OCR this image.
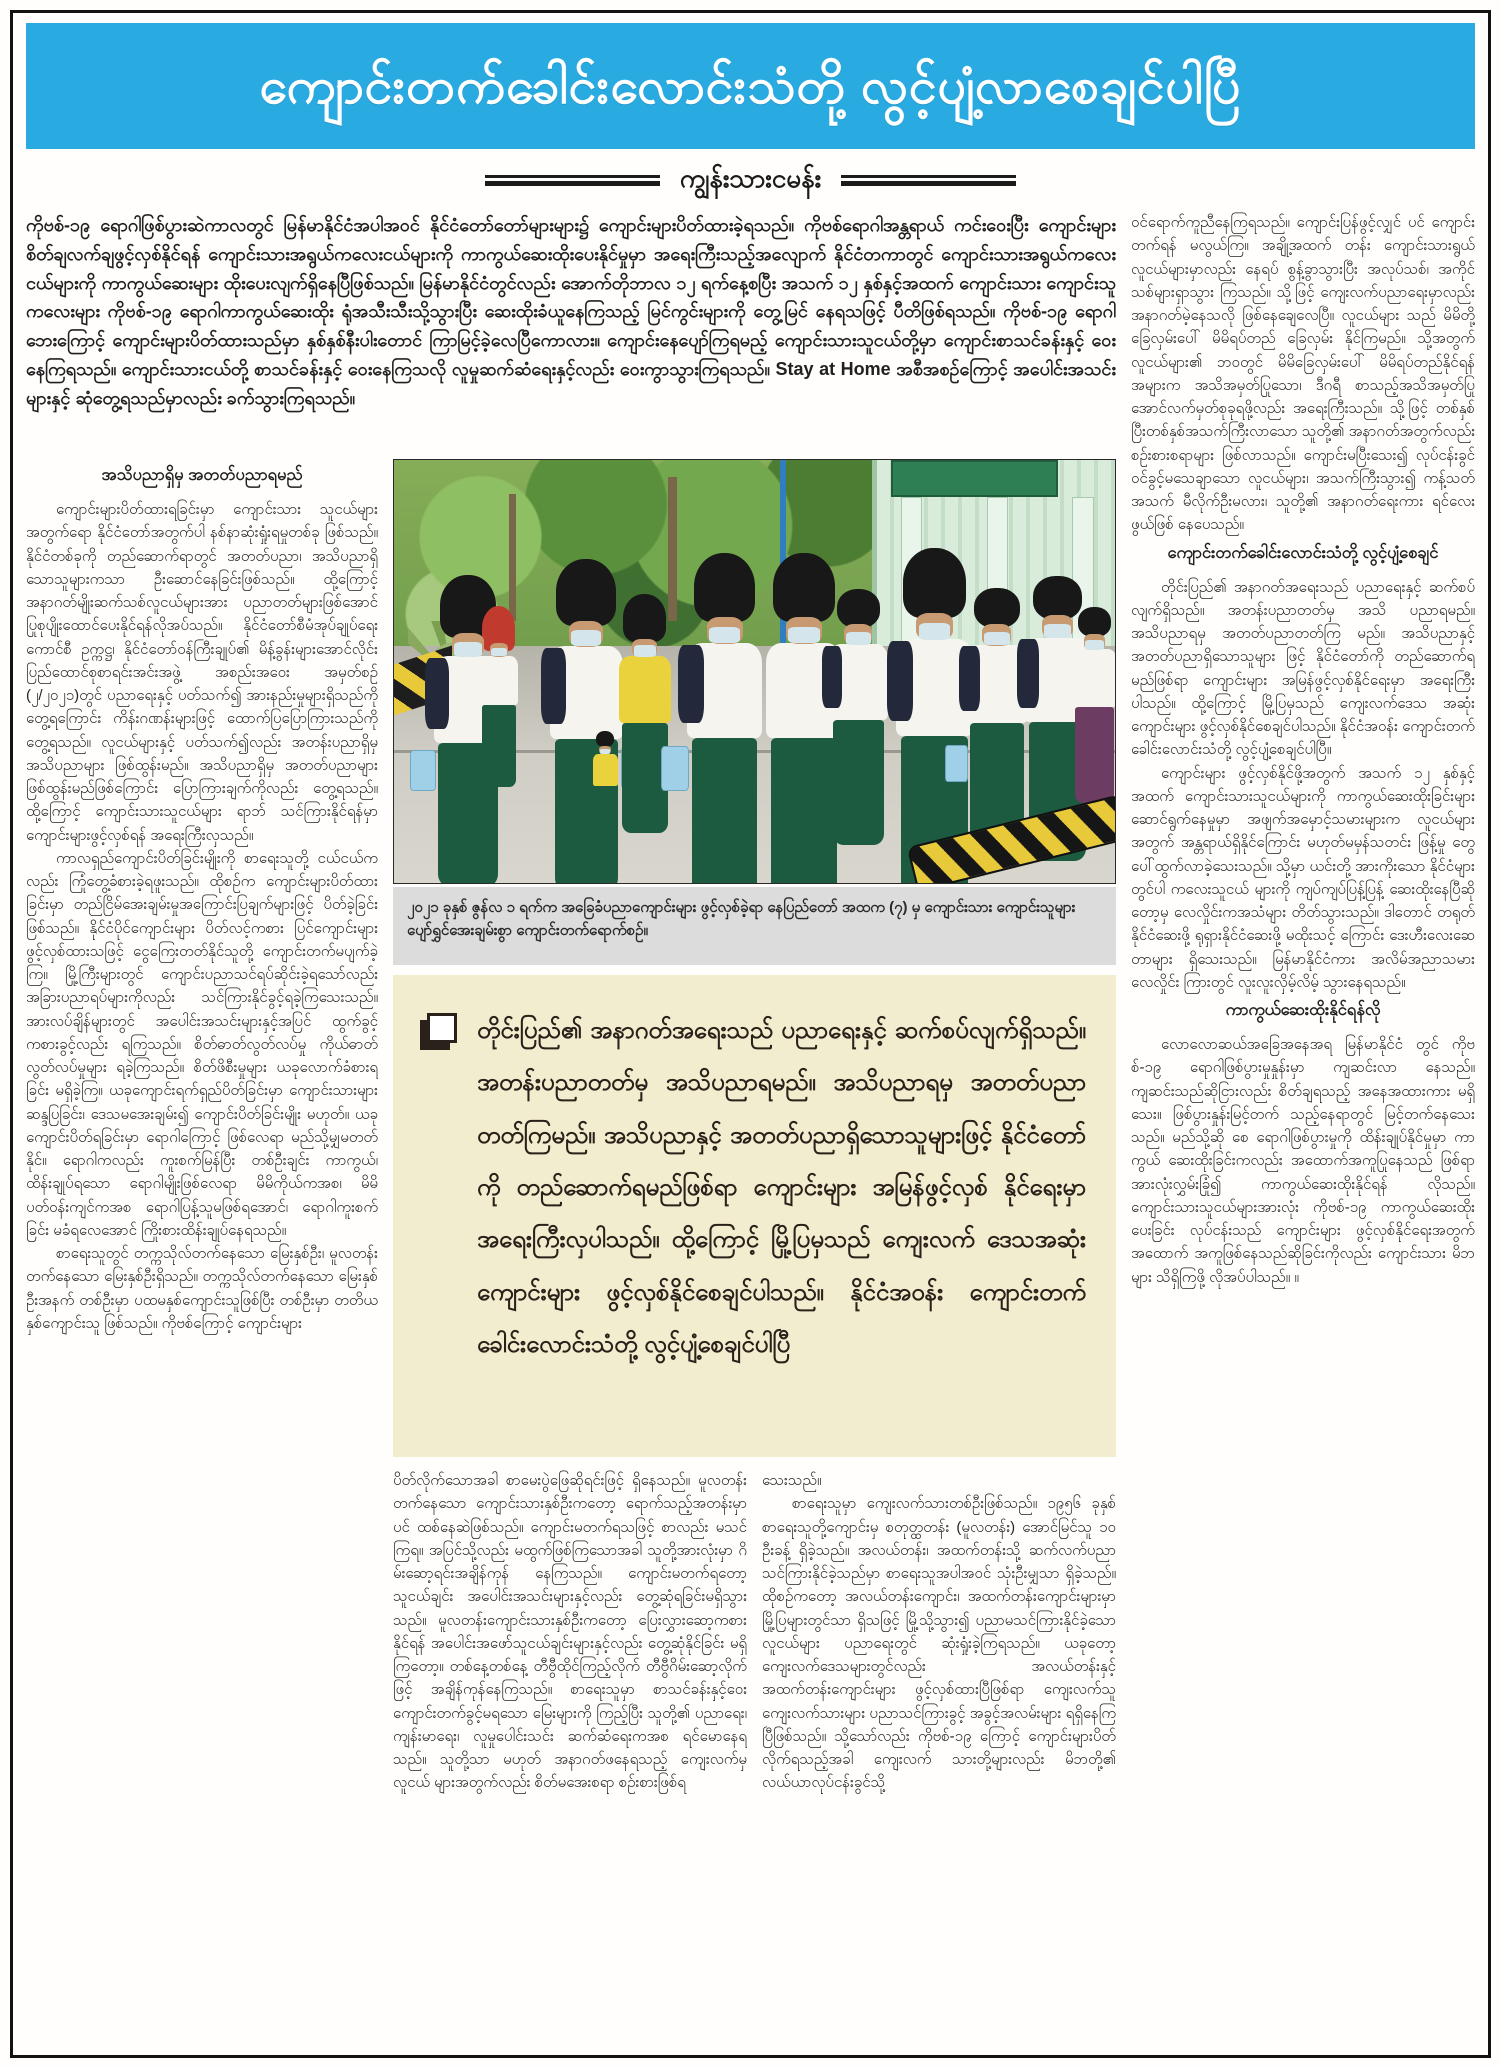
ကျောင်းတက်ခေါင်းလောင်းသံတို့ လွင့်ပျံ့လာစေချင်ပါပြီ
ကျွန်းသားငမန်း

ကိုဗစ်-၁၉ ရောဂါဖြစ်ပွားဆဲကာလတွင် မြန်မာနိုင်ငံအပါအဝင် နိုင်ငံတော်တော်များများ၌ ကျောင်းများပိတ်ထားခဲ့ရသည်။ ကိုဗစ်ရောဂါအန္တရာယ် ကင်းဝေးပြီး ကျောင်းများ စိတ်ချလက်ချဖွင့်လှစ်နိုင်ရန် ကျောင်းသားအရွယ်ကလေးငယ်များကို ကာကွယ်ဆေးထိုးပေးနိုင်မှုမှာ အရေးကြီးသည့်အလျောက် နိုင်ငံတကာတွင် ကျောင်းသားအရွယ်ကလေးငယ်များကို ကာကွယ်ဆေးများ ထိုးပေးလျက်ရှိနေပြီဖြစ်သည်။ မြန်မာနိုင်ငံတွင်လည်း အောက်တိုဘာလ ၁၂ ရက်နေ့စပြီး အသက် ၁၂ နှစ်နှင့်အထက် ကျောင်းသား ကျောင်းသူကလေးများ ကိုဗစ်-၁၉ ရောဂါကာကွယ်ဆေးထိုး ရုံအသီးသီးသို့သွားပြီး ဆေးထိုးခံယူနေကြသည့် မြင်ကွင်းများကို တွေ့မြင် နေရသဖြင့် ပီတိဖြစ်ရသည်။ ကိုဗစ်-၁၉ ရောဂါဘေးကြောင့် ကျောင်းများပိတ်ထားသည်မှာ နှစ်နှစ်နီးပါးတောင် ကြာမြင့်ခဲ့လေပြီကောလား။ ကျောင်းနေပျော်ကြရမည့် ကျောင်းသားသူငယ်တို့မှာ ကျောင်းစာသင်ခန်းနှင့် ဝေးနေကြရသည်။ ကျောင်းသားငယ်တို့ စာသင်ခန်းနှင့် ဝေးနေကြသလို လူမှုဆက်ဆံရေးနှင့်လည်း ဝေးကွာသွားကြရသည်။ Stay at Home အစီအစဉ်ကြောင့် အပေါင်းအသင်းများနှင့် ဆုံတွေ့ရသည်မှာလည်း ခက်သွားကြရသည်။

အသိပညာရှိမှ အတတ်ပညာရမည်

ကျောင်းများပိတ်ထားရခြင်းမှာ ကျောင်းသား သူငယ်များအတွက်ရော နိုင်ငံတော်အတွက်ပါ နစ်နာဆုံးရှုံးရမှုတစ်ခု ဖြစ်သည်။ နိုင်ငံတစ်ခုကို တည်ဆောက်ရာတွင် အတတ်ပညာ၊ အသိပညာရှိသောသူများကသာ ဦးဆောင်နေခြင်းဖြစ်သည်။ ထို့ကြောင့် အနာဂတ်မျိုးဆက်သစ်လူငယ်များအား ပညာတတ်များဖြစ်အောင် ပြုစုပျိုးထောင်ပေးနိုင်ရန်လိုအပ်သည်။ နိုင်ငံတော်စီမံအုပ်ချုပ်ရေးကောင်စီ ဥက္ကဋ္ဌ၊ နိုင်ငံတော်ဝန်ကြီးချုပ်၏ မိန့်ခွန်းများအောင်လိုင်း ပြည်ထောင်စုစာရင်းအင်းအဖွဲ့ အစည်းအဝေး အမှတ်စဉ် (၂/၂၀၂၁)တွင် ပညာရေးနှင့် ပတ်သက်၍ အားနည်းမှုများရှိသည်ကို တွေ့ရကြောင်း ကိန်းဂဏန်းများဖြင့် ထောက်ပြပြောကြားသည်ကို တွေ့ရသည်။ လူငယ်များနှင့် ပတ်သက်၍လည်း အတန်းပညာရှိမှ အသိပညာများ ဖြစ်ထွန်းမည်။ အသိပညာရှိမှ အတတ်ပညာများ ဖြစ်ထွန်းမည်ဖြစ်ကြောင်း ပြောကြားချက်ကိုလည်း တွေ့ရသည်။ ထို့ကြောင့် ကျောင်းသားသူငယ်များ ရာဘ် သင်ကြားနိုင်ရန်မှာ ကျောင်းများဖွင့်လှစ်ရန် အရေးကြီးလှသည်။

ကာလရှည်ကျောင်းပိတ်ခြင်းမျိုးကို စာရေးသူတို့ ငယ်ငယ်ကလည်း ကြုံတွေ့ခံစားခဲ့ရဖူးသည်။ ထိုစဉ်က ကျောင်းများပိတ်ထားခြင်းမှာ တည်ငြိမ်အေးချမ်းမှုအကြောင်းပြချက်များဖြင့် ပိတ်ခဲ့ခြင်းဖြစ်သည်။ နိုင်ငံပိုင်ကျောင်းများ ပိတ်လင့်ကစား ပြင်ကျောင်းများ ဖွင့်လှစ်ထားသဖြင့် ငွေကြေးတတ်နိုင်သူတို့ ကျောင်းတက်မပျက်ခဲ့ကြ။ မြို့ကြီးများတွင် ကျောင်းပညာသင်ရပ်ဆိုင်းခဲ့ရသော်လည်း အခြားပညာရပ်များကိုလည်း သင်ကြားနိုင်ခွင့်ရခဲ့ကြသေးသည်။ အားလပ်ချိန်များတွင် အပေါင်းအသင်းများနှင့်အပြင် ထွက်ခွင့် ကစားခွင့်လည်း ရကြသည်။ စိတ်ဓာတ်လွတ်လပ်မှု ကိုယ်ဓာတ်လွတ်လပ်မှုများ ရခဲ့ကြသည်။ စိတ်ဖိစီးမှုများ ယခုလောက်ခံစားရခြင်း မရှိခဲ့ကြ။ ယခုကျောင်းရက်ရှည်ပိတ်ခြင်းမှာ ကျောင်းသားများ ဆန္ဒပြခြင်း၊ ဒေသမအေးချမ်း၍ ကျောင်းပိတ်ခြင်းမျိုး မဟုတ်။ ယခု ကျောင်းပိတ်ရခြင်းမှာ ရောဂါကြောင့် ဖြစ်လေရာ မည်သို့မျှမတတ်နိုင်။ ရောဂါကလည်း ကူးစက်မြန်ပြီး တစ်ဦးချင်း ကာကွယ်၊ ထိန်းချုပ်ရသော ရောဂါမျိုးဖြစ်လေရာ မိမိကိုယ်ကအစ၊ မိမိပတ်ဝန်းကျင်ကအစ ရောဂါပြန့်သူမဖြစ်ရအောင်၊ ရောဂါကူးစက်ခြင်း မခံရလေအောင် ကြိုးစားထိန်းချုပ်နေရသည်။

စာရေးသူတွင် တက္ကသိုလ်တက်နေသော မြေးနှစ်ဦး၊ မူလတန်းတက်နေသော မြေးနှစ်ဦးရှိသည်။ တက္ကသိုလ်တက်နေသော မြေးနှစ်ဦးအနက် တစ်ဦးမှာ ပထမနှစ်ကျောင်းသူဖြစ်ပြီး တစ်ဦးမှာ တတိယနှစ်ကျောင်းသူ ဖြစ်သည်။ ကိုဗစ်ကြောင့် ကျောင်းများ

၂၀၂၁ ခုနှစ် ဇွန်လ ၁ ရက်က အခြေခံပညာကျောင်းများ ဖွင့်လှစ်ခဲ့ရာ နေပြည်တော် အထက (၇) မှ ကျောင်းသား ကျောင်းသူများ ပျော်ရွှင်အေးချမ်းစွာ ကျောင်းတက်ရောက်စဉ်။
တိုင်းပြည်၏ အနာဂတ်အရေးသည် ပညာရေးနှင့် ဆက်စပ်လျက်ရှိသည်။ အတန်းပညာတတ်မှ အသိပညာရမည်။ အသိပညာရမှ အတတ်ပညာ တတ်ကြမည်။ အသိပညာနှင့် အတတ်ပညာရှိသောသူများဖြင့် နိုင်ငံတော်ကို တည်ဆောက်ရမည်ဖြစ်ရာ ကျောင်းများ အမြန်ဖွင့်လှစ် နိုင်ရေးမှာ အရေးကြီးလှပါသည်။ ထို့ကြောင့် မြို့ပြမှသည် ကျေးလက် ဒေသအဆုံး ကျောင်းများ ဖွင့်လှစ်နိုင်စေချင်ပါသည်။ နိုင်ငံအဝန်း ကျောင်းတက်ခေါင်းလောင်းသံတို့ လွင့်ပျံ့စေချင်ပါပြီ

ပိတ်လိုက်သောအခါ စာမေးပွဲဖြေဆိုရင်းဖြင့် ရှိနေသည်။ မူလတန်းတက်နေသော ကျောင်းသားနှစ်ဦးကတော့ ရောက်သည့်အတန်းမှာပင် ထစ်နေဆဲဖြစ်သည်။ ကျောင်းမတက်ရသဖြင့် စာလည်း မသင်ကြရ။ အပြင်သို့လည်း မထွက်ဖြစ်ကြသောအခါ သူတို့အားလုံးမှာ ဂိမ်းဆော့ရင်းအချိန်ကုန် နေကြသည်။ ကျောင်းမတက်ရတော့ သူငယ်ချင်း အပေါင်းအသင်းများနှင့်လည်း တွေ့ဆုံရခြင်းမရှိသွားသည်။ မူလတန်းကျောင်းသားနှစ်ဦးကတော့ ပြေးလွှားဆော့ကစားနိုင်ရန် အပေါင်းအဖော်သူငယ်ချင်းများနှင့်လည်း တွေ့ဆုံနိုင်ခြင်း မရှိကြတော့။ တစ်နေ့တစ်နေ့ တီဗွီထိုင်ကြည့်လိုက် တီဗွီဂိမ်းဆော့လိုက်ဖြင့် အချိန်ကုန်နေကြသည်။ စာရေးသူမှာ စာသင်ခန်းနှင့်ဝေး ကျောင်းတက်ခွင့်မရသော မြေးများကို ကြည့်ပြီး သူတို့၏ ပညာရေး၊ ကျန်းမာရေး၊ လူမှုပေါင်းသင်း ဆက်ဆံရေးကအစ ရင်မောနေရသည်။ သူတို့သာ မဟုတ် အနာဂတ်ဖနေရသည့် ကျေးလက်မှ လူငယ် များအတွက်လည်း စိတ်မအေးစရာ စဉ်းစားဖြစ်ရ

သေးသည်။

စာရေးသူမှာ ကျေးလက်သားတစ်ဦးဖြစ်သည်။ ၁၉၅၆ ခုနှစ် စာရေးသူတို့ကျောင်းမှ စတုတ္ထတန်း (မူလတန်း) အောင်မြင်သူ ၁၀ ဦးခန့် ရှိခဲ့သည်။ အလယ်တန်း၊ အထက်တန်းသို့ ဆက်လက်ပညာ သင်ကြားနိုင်ခဲ့သည်မှာ စာရေးသူအပါအဝင် သုံးဦးမျှသာ ရှိခဲ့သည်။ ထိုစဉ်ကတော့ အလယ်တန်းကျောင်း၊ အထက်တန်းကျောင်းများမှာ မြို့ပြများတွင်သာ ရှိသဖြင့် မြို့သို့သွား၍ ပညာမသင်ကြားနိုင်ခဲ့သော လူငယ်များ ပညာရေးတွင် ဆုံးရှုံးခဲ့ကြရသည်။ ယခုတော့ ကျေးလက်ဒေသများတွင်လည်း အလယ်တန်းနှင့် အထက်တန်းကျောင်းများ ဖွင့်လှစ်ထားပြီဖြစ်ရာ ကျေးလက်သူ ကျေးလက်သားများ ပညာသင်ကြားခွင့် အခွင့်အလမ်းများ ရရှိနေကြပြီဖြစ်သည်။ သို့သော်လည်း ကိုဗစ်-၁၉ ကြောင့် ကျောင်းများပိတ်လိုက်ရသည့်အခါ ကျေးလက် သားတို့များလည်း မိဘတို့၏ လယ်ယာလုပ်ငန်းခွင်သို့

ဝင်ရောက်ကူညီနေကြရသည်။ ကျောင်းပြန်ဖွင့်လျှင် ပင် ကျောင်းတက်ရန် မလွယ်ကြ။ အချို့အထက် တန်း ကျောင်းသားရွယ်လူငယ်များမှာလည်း နေရပ် စွန့်ခွာသွားပြီး အလုပ်သစ်၊ အကိုင်သစ်များရှာသွား ကြသည်။ သို့ဖြင့် ကျေးလက်ပညာရေးမှာလည်း အနာဂတ်မဲ့နေသလို ဖြစ်နေချေလေပြီ။ လူငယ်များ သည် မိမိတို့ခြေလှမ်းပေါ် မိမိရပ်တည် ခြေလှမ်း နိုင်ကြမည်။ သို့အတွက် လူငယ်များ၏ ဘဝတွင် မိမိခြေလှမ်းပေါ် မိမိရပ်တည်နိုင်ရန် အများက အသိအမှတ်ပြုသော၊ ဒီဂရီ စာသည့်အသိအမှတ်ပြု အောင်လက်မှတ်စုခုရဖို့လည်း အရေးကြီးသည်။ သို့ဖြင့် တစ်နှစ်ပြီးတစ်နှစ်အသက်ကြီးလာသော သူတို့၏ အနာဂတ်အတွက်လည်း စဉ်းစားစရာများ ဖြစ်လာသည်။ ကျောင်းမပြီးသေး၍ လုပ်ငန်းခွင် ဝင်ခွင့်မသေချာသော လူငယ်များ၊ အသက်ကြီးသွား၍ ကန့်သတ်အသက် မီလိုက်ဦးမလား၊ သူတို့၏ အနာဂတ်ရေးကား ရင်လေးဖွယ်ဖြစ် နေပေသည်။

ကျောင်းတက်ခေါင်းလောင်းသံတို့ လွင့်ပျံ့စေချင်

တိုင်းပြည်၏ အနာဂတ်အရေးသည် ပညာရေးနှင့် ဆက်စပ်လျက်ရှိသည်။ အတန်းပညာတတ်မှ အသိ ပညာရမည်။ အသိပညာရမှ အတတ်ပညာတတ်ကြ မည်။ အသိပညာနှင့် အတတ်ပညာရှိသောသူများ ဖြင့် နိုင်ငံတော်ကို တည်ဆောက်ရမည်ဖြစ်ရာ ကျောင်းများ အမြန်ဖွင့်လှစ်နိုင်ရေးမှာ အရေးကြီး ပါသည်။ ထို့ကြောင့် မြို့ပြမှသည် ကျေးလက်ဒေသ အဆုံး ကျောင်းများ ဖွင့်လှစ်နိုင်စေချင်ပါသည်။ နိုင်ငံအဝန်း ကျောင်းတက်ခေါင်းလောင်းသံတို့ လွင့်ပျံ့စေချင်ပါပြီ။

ကျောင်းများ ဖွင့်လှစ်နိုင်ဖို့အတွက် အသက် ၁၂ နှစ်နှင့်အထက် ကျောင်းသားသူငယ်များကို ကာကွယ်ဆေးထိုးခြင်းများ ဆောင်ရွက်နေမှုမှာ အဖျက်အမှောင့်သမားများက လူငယ်များအတွက် အန္တရာယ်ရှိနိုင်ကြောင်း မဟုတ်မမှန်သတင်း ဖြန့်မှု တွေ ပေါ်ထွက်လာခဲ့သေးသည်။ သို့မှာ ယင်းတို့ အားကိုးသော နိုင်ငံများတွင်ပါ ကလေးသူငယ် များကို ကျပ်ကျပ်ပြန့်ပြန့် ဆေးထိုးနေပြီဆိုတော့မှ လေလှိုင်းကအသံများ တိတ်သွားသည်။ ဒါတောင် တရုတ်နိုင်ငံဆေးဖို့ ရုရှားနိုင်ငံဆေးဖို့ မထိုးသင့် ကြောင်း ဒေးဟီးလေးဆေတာများ ရှိသေးသည်။ မြန်မာနိုင်ငံကား အလိမ်အညာသမား လေလှိုင်း ကြားတွင် လူးလူးလှိမ့်လိမ့် သွားနေရသည်။

ကာကွယ်ဆေးထိုးနိုင်ရန်လို

လောလောဆယ်အခြေအနေအရ မြန်မာနိုင်ငံ တွင် ကိုဗစ်-၁၉ ရောဂါဖြစ်ပွားမှုနှုန်းမှာ ကျဆင်းလာ နေသည်။ ကျဆင်းသည်ဆိုငြားလည်း စိတ်ချရသည့် အနေအထားကား မရှိသေး။ ဖြစ်ပွားနှုန်းမြင့်တက် သည့်နေရာတွင် မြင့်တက်နေသေးသည်။ မည်သို့ဆို စေ ရောဂါဖြစ်ပွားမှုကို ထိန်းချုပ်နိုင်မှုမှာ ကာကွယ် ဆေးထိုးခြင်းကလည်း အထောက်အကူပြုနေသည် ဖြစ်ရာ အားလုံးလွှမ်းခြုံ၍ ကာကွယ်ဆေးထိုးနိုင်ရန် လိုသည်။ ကျောင်းသားသူငယ်များအားလုံး ကိုဗစ်-၁၉ ကာကွယ်ဆေးထိုးပေးခြင်း လုပ်ငန်းသည် ကျောင်းများ ဖွင့်လှစ်နိုင်ရေးအတွက် အထောက် အကူဖြစ်နေသည်ဆိုခြင်းကိုလည်း ကျောင်းသား မိဘများ သိရှိကြဖို့ လိုအပ်ပါသည်။ ။
